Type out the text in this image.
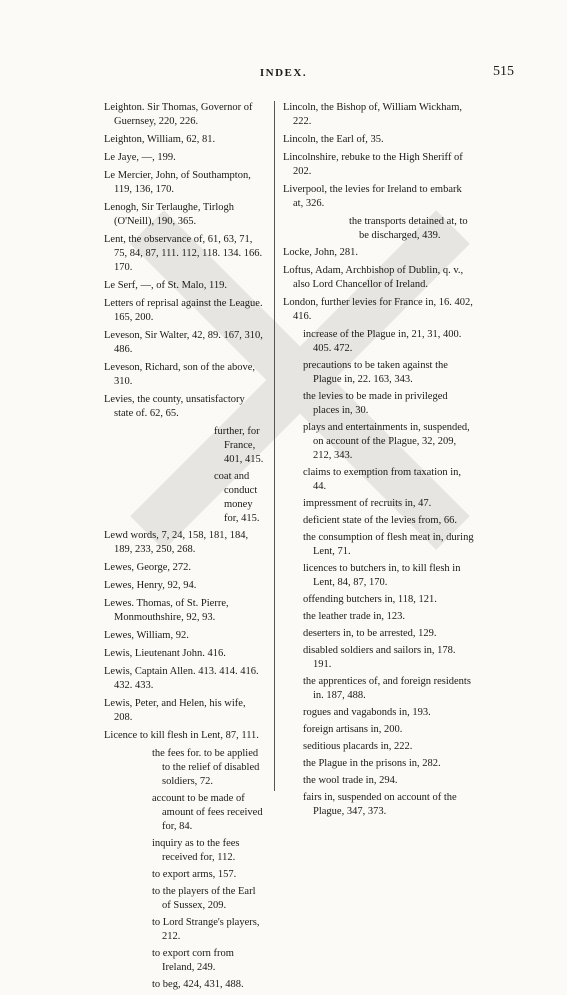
INDEX.	515
Leighton. Sir Thomas, Governor of Guernsey, 220, 226.
Leighton, William, 62, 81.
Le Jaye, —, 199.
Le Mercier, John, of Southampton, 119, 136, 170.
Lenogh, Sir Terlaughe, Tirlogh (O'Neill), 190, 365.
Lent, the observance of, 61, 63, 71, 75, 84, 87, 111. 112, 118. 134. 166. 170.
Le Serf, —, of St. Malo, 119.
Letters of reprisal against the League. 165, 200.
Leveson, Sir Walter, 42, 89. 167, 310, 486.
Leveson, Richard, son of the above, 310.
Levies, the county, unsatisfactory state of. 62, 65.
further, for France, 401, 415.
coat and conduct money for, 415.
Lewd words, 7, 24, 158, 181, 184, 189, 233, 250, 268.
Lewes, George, 272.
Lewes, Henry, 92, 94.
Lewes. Thomas, of St. Pierre, Monmouthshire, 92, 93.
Lewes, William, 92.
Lewis, Lieutenant John. 416.
Lewis, Captain Allen. 413. 414. 416. 432. 433.
Lewis, Peter, and Helen, his wife, 208.
Licence to kill flesh in Lent, 87, 111.
the fees for. to be applied to the relief of disabled soldiers, 72.
account to be made of amount of fees received for, 84.
inquiry as to the fees received for, 112.
to export arms, 157.
to the players of the Earl of Sussex, 209.
to Lord Strange's players, 212.
to export corn from Ireland, 249.
to beg, 424, 431, 488.
Lincoln, the Bishop of, William Wickham, 222.
Lincoln, the Earl of, 35.
Lincolnshire, rebuke to the High Sheriff of 202.
Liverpool, the levies for Ireland to embark at, 326.
the transports detained at, to be discharged, 439.
Locke, John, 281.
Loftus, Adam, Archbishop of Dublin, q. v., also Lord Chancellor of Ireland.
London, further levies for France in, 16. 402, 416.
increase of the Plague in, 21, 31, 400. 405. 472.
precautions to be taken against the Plague in, 22. 163, 343.
the levies to be made in privileged places in, 30.
plays and entertainments in, suspended, on account of the Plague, 32, 209, 212, 343.
claims to exemption from taxation in, 44.
impressment of recruits in, 47.
deficient state of the levies from, 66.
the consumption of flesh meat in, during Lent, 71.
licences to butchers in, to kill flesh in Lent, 84, 87, 170.
offending butchers in, 118, 121.
the leather trade in, 123.
deserters in, to be arrested, 129.
disabled soldiers and sailors in, 178. 191.
the apprentices of, and foreign residents in. 187, 488.
rogues and vagabonds in, 193.
foreign artisans in, 200.
seditious placards in, 222.
the Plague in the prisons in, 282.
the wool trade in, 294.
fairs in, suspended on account of the Plague, 347, 373.
